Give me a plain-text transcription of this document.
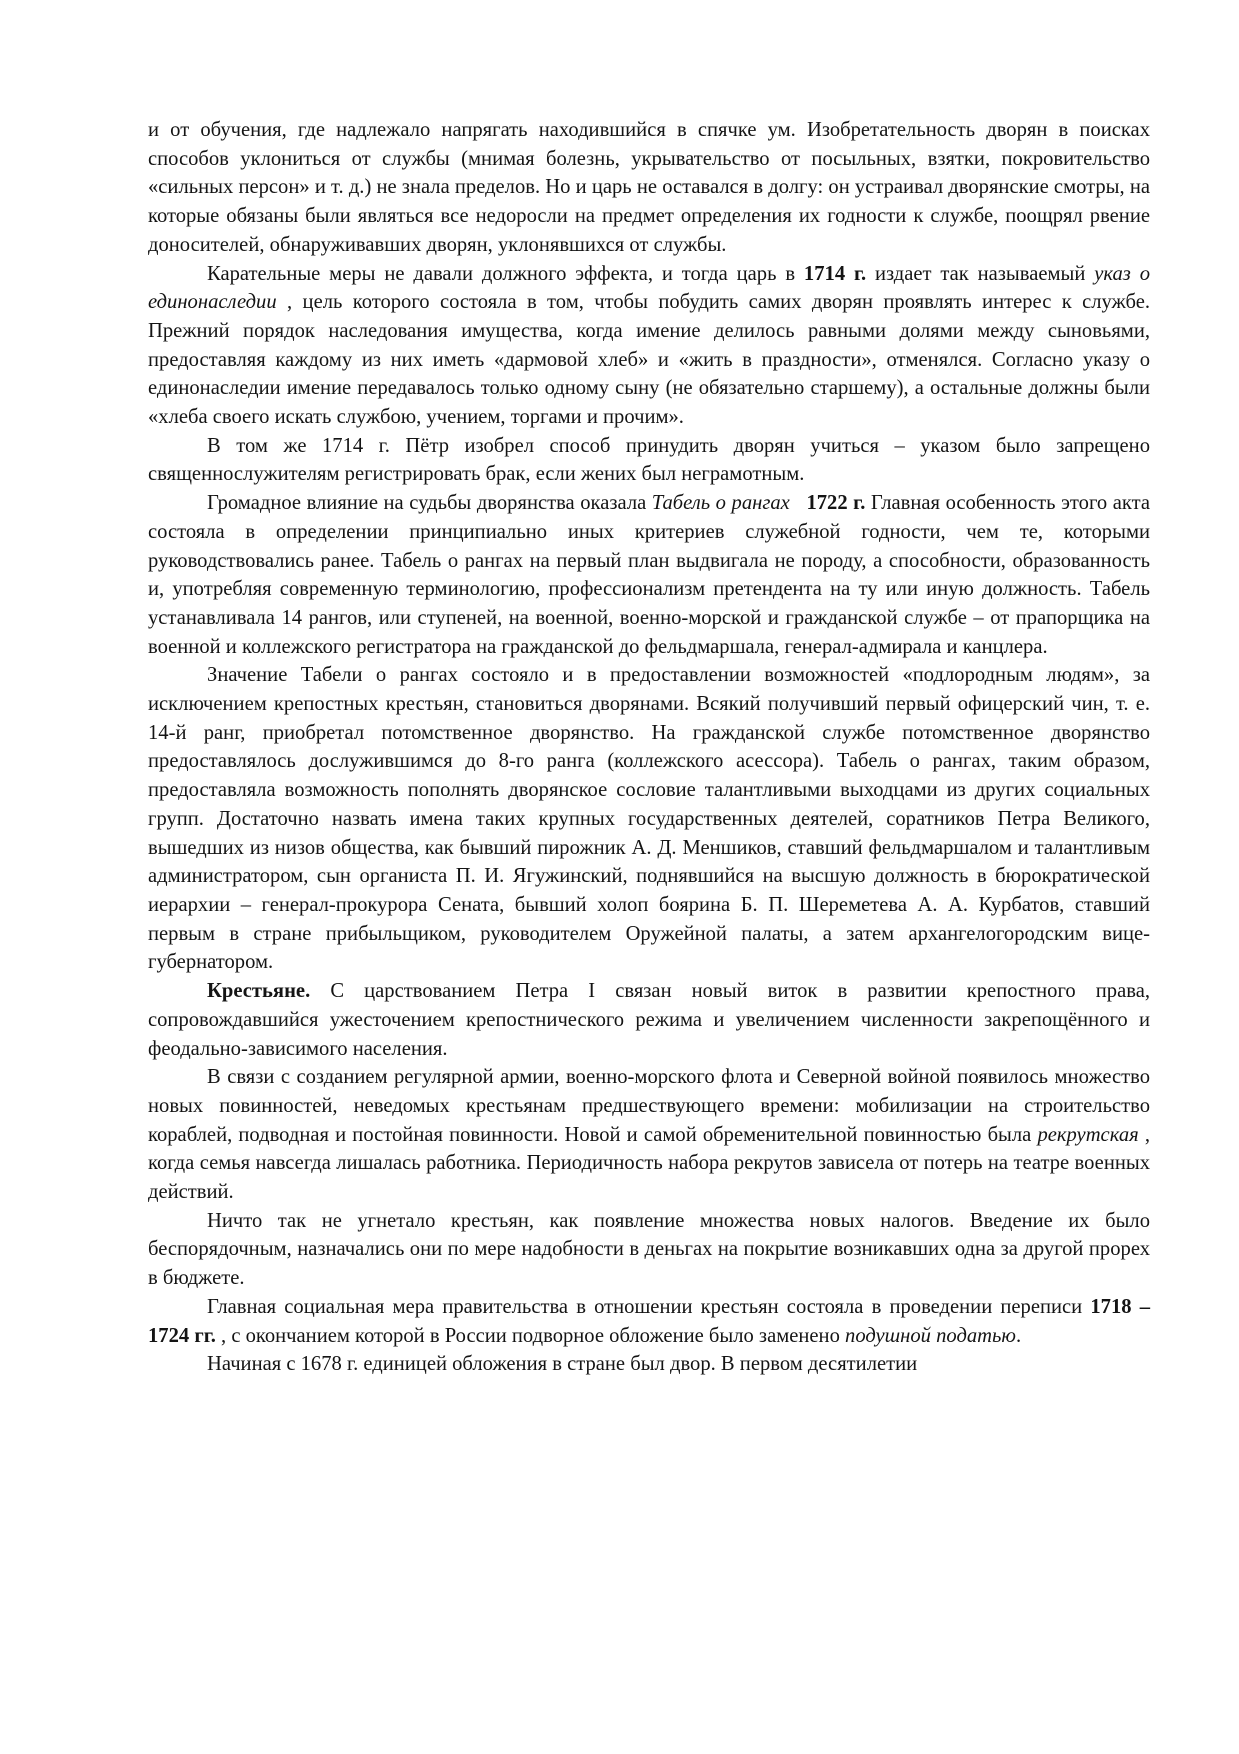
и от обучения, где надлежало напрягать находившийся в спячке ум. Изобретательность дворян в поисках способов уклониться от службы (мнимая болезнь, укрывательство от посыльных, взятки, покровительство «сильных персон» и т. д.) не знала пределов. Но и царь не оставался в долгу: он устраивал дворянские смотры, на которые обязаны были являться все недоросли на предмет определения их годности к службе, поощрял рвение доносителей, обнаруживавших дворян, уклонявшихся от службы.

Карательные меры не давали должного эффекта, и тогда царь в 1714 г. издает так называемый указ о единонаследии , цель которого состояла в том, чтобы побудить самих дворян проявлять интерес к службе. Прежний порядок наследования имущества, когда имение делилось равными долями между сыновьями, предоставляя каждому из них иметь «дармовой хлеб» и «жить в праздности», отменялся. Согласно указу о единонаследии имение передавалось только одному сыну (не обязательно старшему), а остальные должны были «хлеба своего искать службою, учением, торгами и прочим».

В том же 1714 г. Пётр изобрел способ принудить дворян учиться – указом было запрещено священнослужителям регистрировать брак, если жених был неграмотным.

Громадное влияние на судьбы дворянства оказала Табель о рангах 1722 г. Главная особенность этого акта состояла в определении принципиально иных критериев служебной годности, чем те, которыми руководствовались ранее. Табель о рангах на первый план выдвигала не породу, а способности, образованность и, употребляя современную терминологию, профессионализм претендента на ту или иную должность. Табель устанавливала 14 рангов, или ступеней, на военной, военно-морской и гражданской службе – от прапорщика на военной и коллежского регистратора на гражданской до фельдмаршала, генерал-адмирала и канцлера.

Значение Табели о рангах состояло и в предоставлении возможностей «подлородным людям», за исключением крепостных крестьян, становиться дворянами. Всякий получивший первый офицерский чин, т. е. 14-й ранг, приобретал потомственное дворянство. На гражданской службе потомственное дворянство предоставлялось дослужившимся до 8-го ранга (коллежского асессора). Табель о рангах, таким образом, предоставляла возможность пополнять дворянское сословие талантливыми выходцами из других социальных групп. Достаточно назвать имена таких крупных государственных деятелей, соратников Петра Великого, вышедших из низов общества, как бывший пирожник А. Д. Меншиков, ставший фельдмаршалом и талантливым администратором, сын органиста П. И. Ягужинский, поднявшийся на высшую должность в бюрократической иерархии – генерал-прокурора Сената, бывший холоп боярина Б. П. Шереметева А. А. Курбатов, ставший первым в стране прибыльщиком, руководителем Оружейной палаты, а затем архангелогородским вице-губернатором.

Крестьяне. С царствованием Петра I связан новый виток в развитии крепостного права, сопровождавшийся ужесточением крепостнического режима и увеличением численности закрепощённого и феодально-зависимого населения.

В связи с созданием регулярной армии, военно-морского флота и Северной войной появилось множество новых повинностей, неведомых крестьянам предшествующего времени: мобилизации на строительство кораблей, подводная и постойная повинности. Новой и самой обременительной повинностью была рекрутская , когда семья навсегда лишалась работника. Периодичность набора рекрутов зависела от потерь на театре военных действий.

Ничто так не угнетало крестьян, как появление множества новых налогов. Введение их было беспорядочным, назначались они по мере надобности в деньгах на покрытие возникавших одна за другой прорех в бюджете.

Главная социальная мера правительства в отношении крестьян состояла в проведении переписи 1718 – 1724 гг. , с окончанием которой в России подворное обложение было заменено подушной податью.

Начиная с 1678 г. единицей обложения в стране был двор. В первом десятилетии
